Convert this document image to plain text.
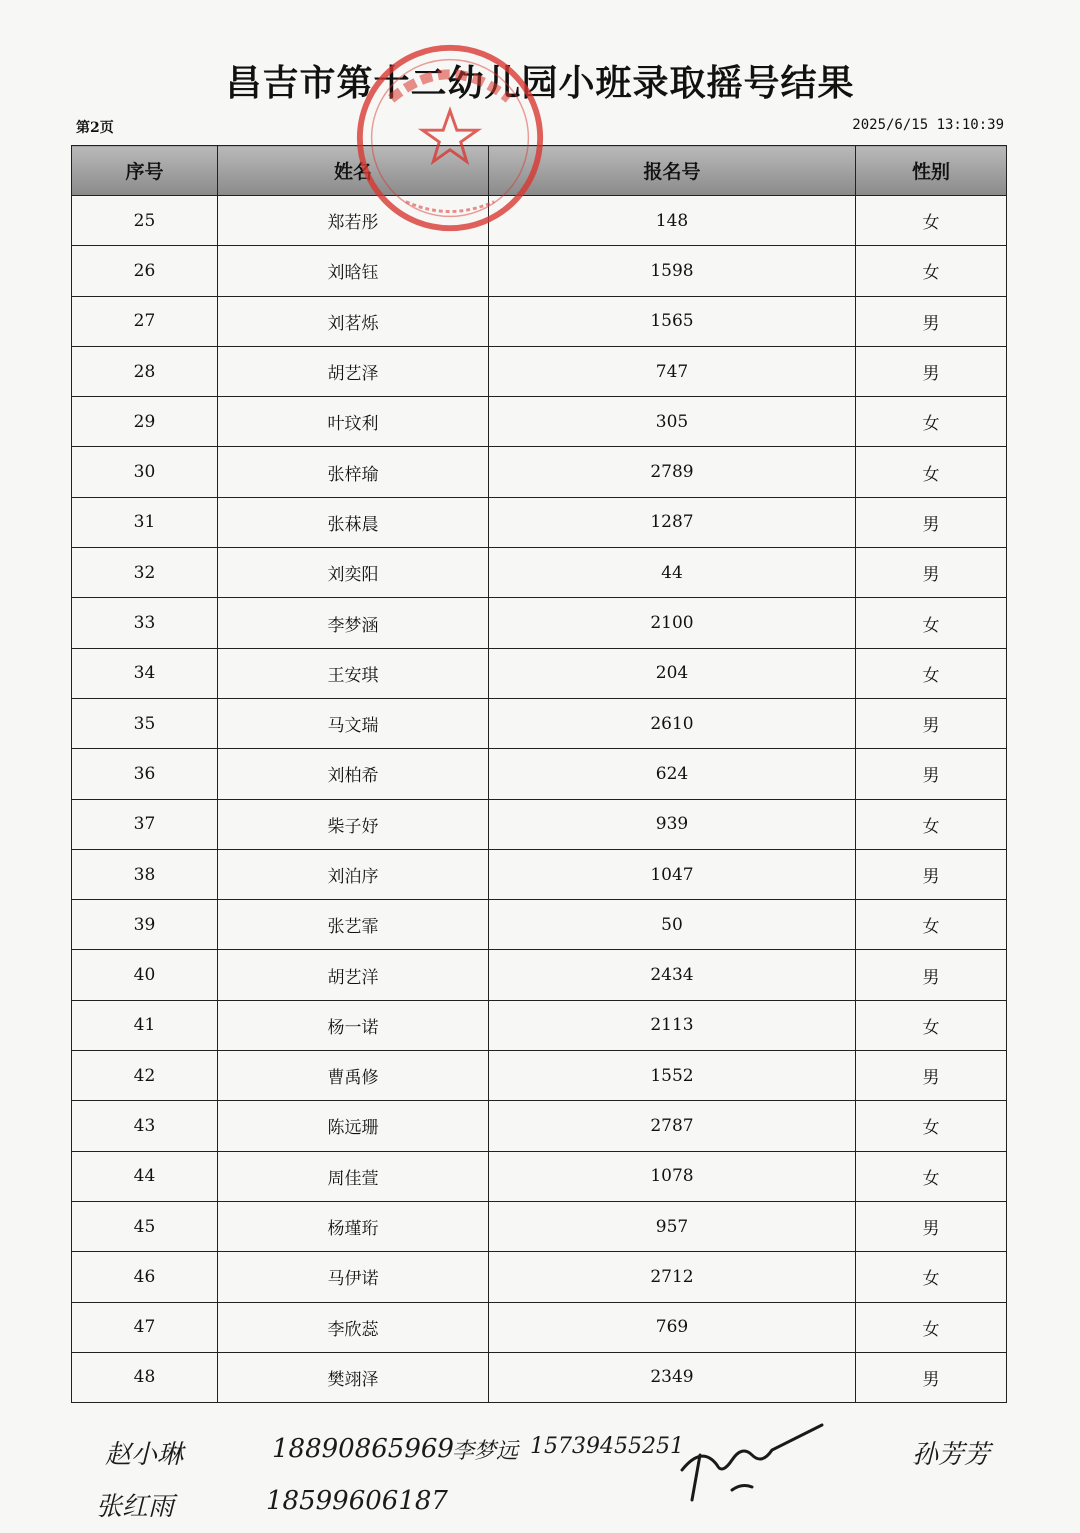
昌吉市第十二幼儿园小班录取摇号结果
第2页	2025/6/15 13:10:39
序号	姓名	报名号	性别
25	郑若彤	148	女
26	刘晗钰	1598	女
27	刘茗烁	1565	男
28	胡艺泽	747	男
29	叶玟利	305	女
30	张梓瑜	2789	女
31	张菻晨	1287	男
32	刘奕阳	44	男
33	李梦涵	2100	女
34	王安琪	204	女
35	马文瑞	2610	男
36	刘柏希	624	男
37	柴子妤	939	女
38	刘泊序	1047	男
39	张艺霏	50	女
40	胡艺洋	2434	男
41	杨一诺	2113	女
42	曹禹修	1552	男
43	陈远珊	2787	女
44	周佳萱	1078	女
45	杨瑾珩	957	男
46	马伊诺	2712	女
47	李欣蕊	769	女
48	樊翊泽	2349	男
赵小琳	18890865969
李梦远 15739455251
张红雨	18599606187
孙芳芳
